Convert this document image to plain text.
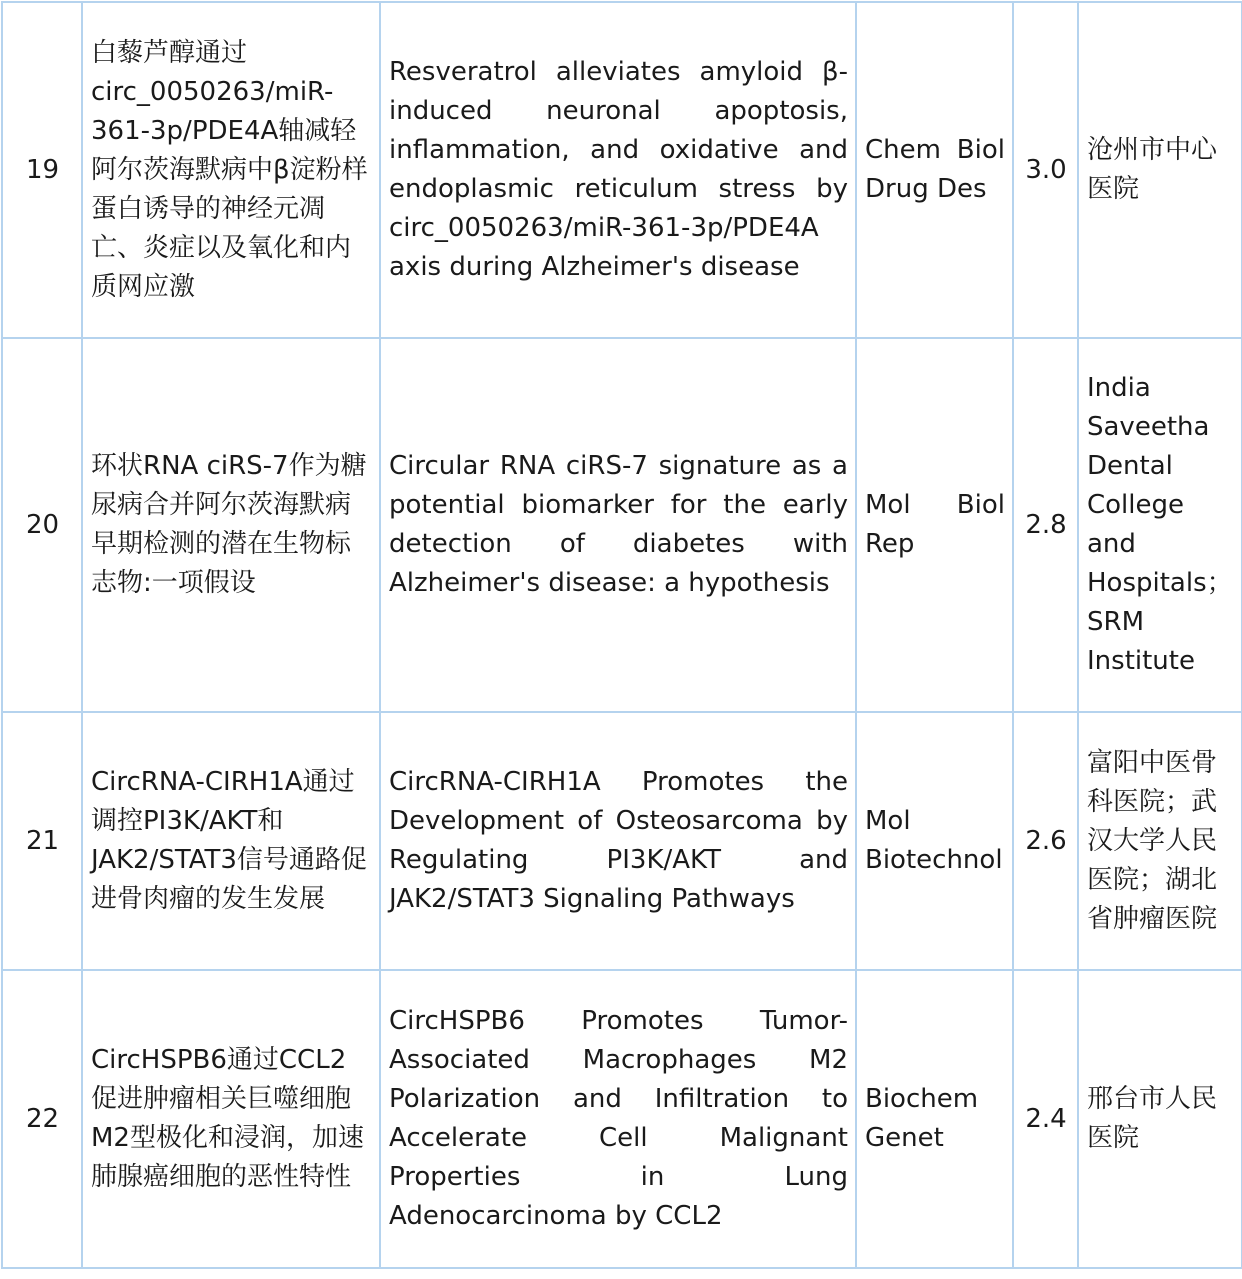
19	白藜芦醇通过circ_0050263/miR-361-3p/PDE4A轴减轻阿尔茨海默病中β淀粉样蛋白诱导的神经元凋亡、炎症以及氧化和内质网应激	Resveratrol alleviates amyloid β-induced neuronal apoptosis, inflammation, and oxidative and endoplasmic reticulum stress by circ_0050263/miR-361-3p/PDE4A axis during Alzheimer's disease	Chem Biol Drug Des	3.0	沧州市中心医院
20	环状RNA ciRS-7作为糖尿病合并阿尔茨海默病早期检测的潜在生物标志物:一项假设	Circular RNA ciRS-7 signature as a potential biomarker for the early detection of diabetes with Alzheimer's disease: a hypothesis	Mol Biol Rep	2.8	India Saveetha Dental College and Hospitals；SRM Institute
21	CircRNA-CIRH1A通过调控PI3K/AKT和JAK2/STAT3信号通路促进骨肉瘤的发生发展	CircRNA-CIRH1A Promotes the Development of Osteosarcoma by Regulating PI3K/AKT and JAK2/STAT3 Signaling Pathways	Mol Biotechnol	2.6	富阳中医骨科医院；武汉大学人民医院；湖北省肿瘤医院
22	CircHSPB6通过CCL2促进肿瘤相关巨噬细胞M2型极化和浸润，加速肺腺癌细胞的恶性特性	CircHSPB6 Promotes Tumor-Associated Macrophages M2 Polarization and Infiltration to Accelerate Cell Malignant Properties in Lung Adenocarcinoma by CCL2	Biochem Genet	2.4	邢台市人民医院
